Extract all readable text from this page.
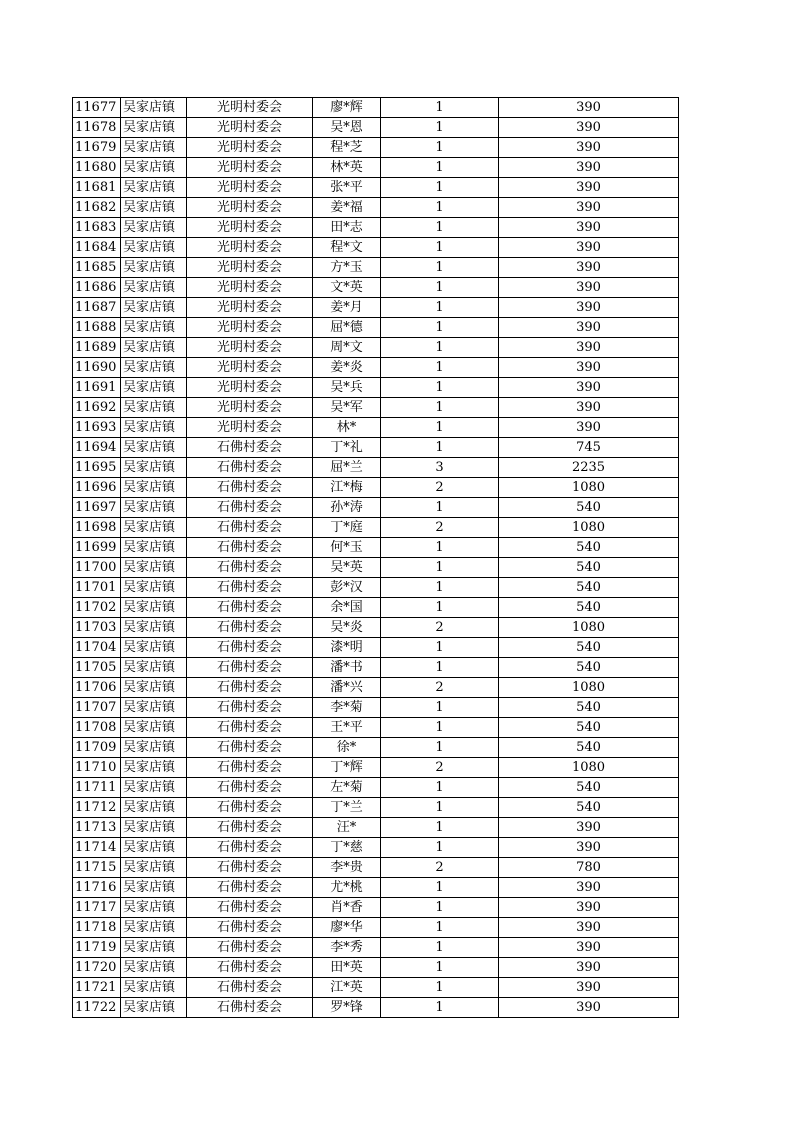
11677	吴家店镇	光明村委会	廖*辉	1	390
11678	吴家店镇	光明村委会	吴*恩	1	390
11679	吴家店镇	光明村委会	程*芝	1	390
11680	吴家店镇	光明村委会	林*英	1	390
11681	吴家店镇	光明村委会	张*平	1	390
11682	吴家店镇	光明村委会	姜*福	1	390
11683	吴家店镇	光明村委会	田*志	1	390
11684	吴家店镇	光明村委会	程*文	1	390
11685	吴家店镇	光明村委会	方*玉	1	390
11686	吴家店镇	光明村委会	文*英	1	390
11687	吴家店镇	光明村委会	姜*月	1	390
11688	吴家店镇	光明村委会	屈*德	1	390
11689	吴家店镇	光明村委会	周*文	1	390
11690	吴家店镇	光明村委会	姜*炎	1	390
11691	吴家店镇	光明村委会	吴*兵	1	390
11692	吴家店镇	光明村委会	吴*军	1	390
11693	吴家店镇	光明村委会	林*	1	390
11694	吴家店镇	石佛村委会	丁*礼	1	745
11695	吴家店镇	石佛村委会	屈*兰	3	2235
11696	吴家店镇	石佛村委会	江*梅	2	1080
11697	吴家店镇	石佛村委会	孙*涛	1	540
11698	吴家店镇	石佛村委会	丁*庭	2	1080
11699	吴家店镇	石佛村委会	何*玉	1	540
11700	吴家店镇	石佛村委会	吴*英	1	540
11701	吴家店镇	石佛村委会	彭*汉	1	540
11702	吴家店镇	石佛村委会	余*国	1	540
11703	吴家店镇	石佛村委会	吴*炎	2	1080
11704	吴家店镇	石佛村委会	漆*明	1	540
11705	吴家店镇	石佛村委会	潘*书	1	540
11706	吴家店镇	石佛村委会	潘*兴	2	1080
11707	吴家店镇	石佛村委会	李*菊	1	540
11708	吴家店镇	石佛村委会	王*平	1	540
11709	吴家店镇	石佛村委会	徐*	1	540
11710	吴家店镇	石佛村委会	丁*辉	2	1080
11711	吴家店镇	石佛村委会	左*菊	1	540
11712	吴家店镇	石佛村委会	丁*兰	1	540
11713	吴家店镇	石佛村委会	汪*	1	390
11714	吴家店镇	石佛村委会	丁*慈	1	390
11715	吴家店镇	石佛村委会	李*贵	2	780
11716	吴家店镇	石佛村委会	尤*桃	1	390
11717	吴家店镇	石佛村委会	肖*香	1	390
11718	吴家店镇	石佛村委会	廖*华	1	390
11719	吴家店镇	石佛村委会	李*秀	1	390
11720	吴家店镇	石佛村委会	田*英	1	390
11721	吴家店镇	石佛村委会	江*英	1	390
11722	吴家店镇	石佛村委会	罗*锋	1	390
